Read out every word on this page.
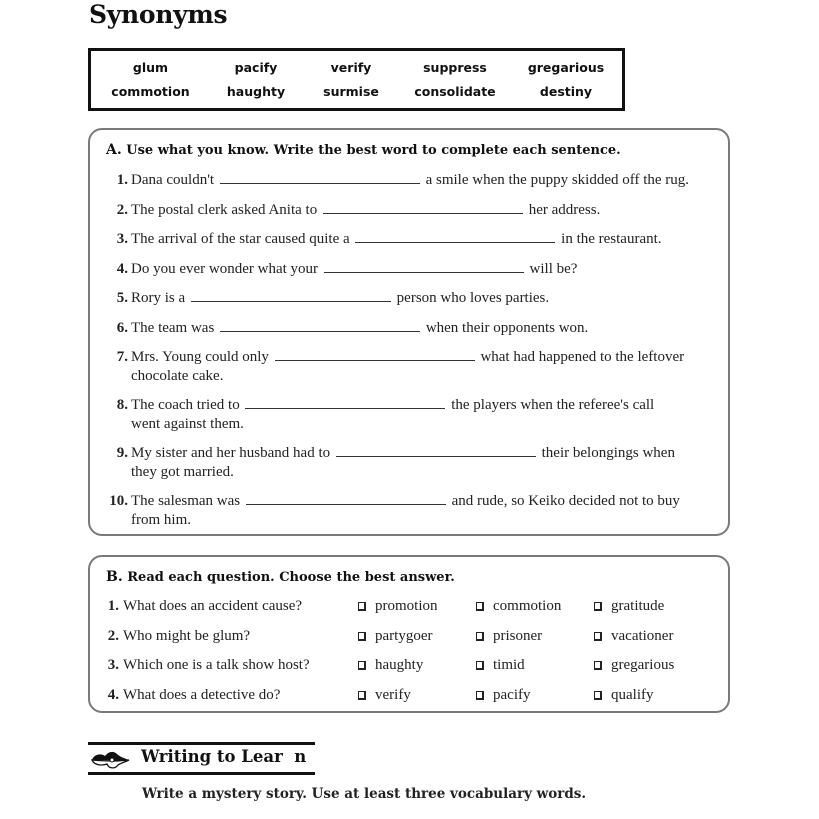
Synonyms
glum	pacify	verify	suppress	gregarious
commotion	haughty	surmise	consolidate	destiny
A. Use what you know. Write the best word to complete each sentence.
1. Dana couldn't	a smile when the puppy skidded off the rug.
2. The postal clerk asked Anita to	her address.
3. The arrival of the star caused quite a	in the restaurant.
4. Do you ever wonder what your	will be?
5. Rory is a	person who loves parties.
6. The team was	when their opponents won.
7. Mrs. Young could only	what had happened to the leftover
chocolate cake.
8. The coach tried to	the players when the referee's call
went against them.
9. My sister and her husband had to	their belongings when
they got married.
10. The salesman was	and rude, so Keiko decided not to buy
from him.
B. Read each question. Choose the best answer.
1. What does an accident cause?	promotion	commotion	gratitude
2. Who might be glum?	partygoer	prisoner	vacationer
3. Which one is a talk show host?	haughty	timid	gregarious
4. What does a detective do?	verify	pacify	qualify
Writing to Lear  n
Write a mystery story. Use at least three vocabulary words.
